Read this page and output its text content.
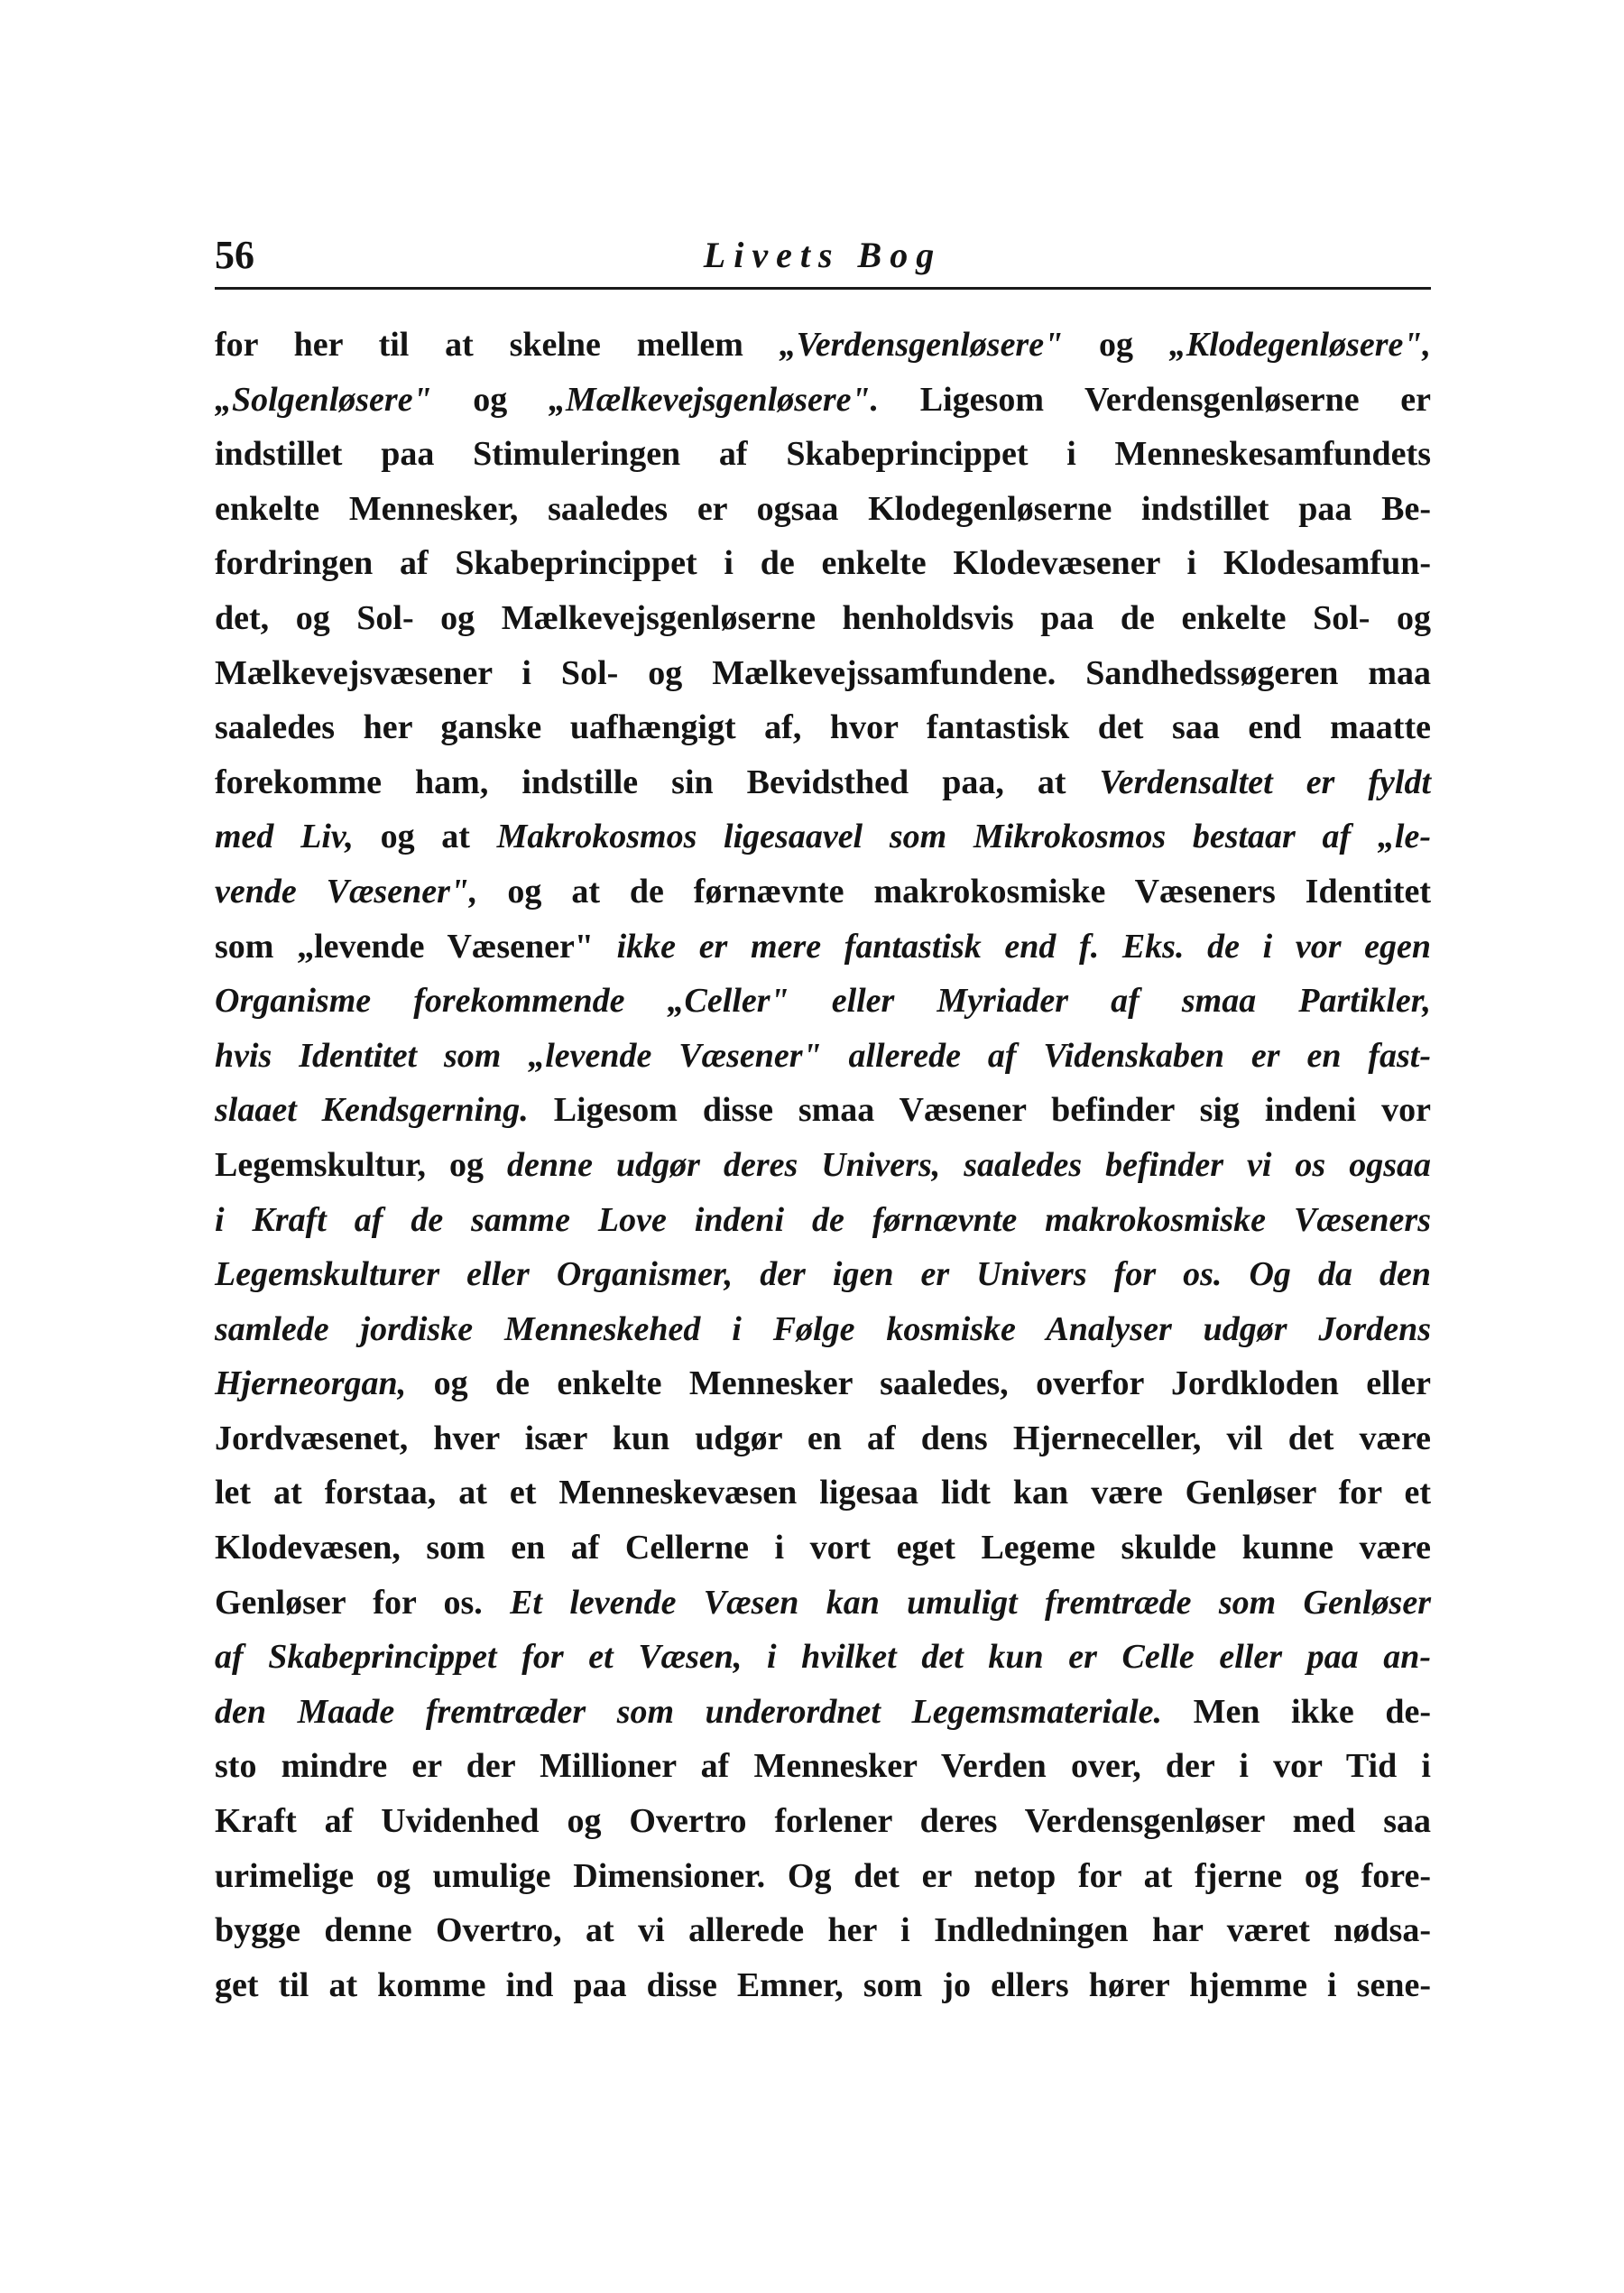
56	Livets Bog
for her til at skelne mellem „Verdensgenløsere" og „Klodegenløsere",
„Solgenløsere" og „Mælkevejsgenløsere". Ligesom Verdensgenløserne er
indstillet paa Stimuleringen af Skabeprincippet i Menneskesamfundets
enkelte Mennesker, saaledes er ogsaa Klodegenløserne indstillet paa Be-
fordringen af Skabeprincippet i de enkelte Klodevæsener i Klodesamfun-
det, og Sol- og Mælkevejsgenløserne henholdsvis paa de enkelte Sol- og
Mælkevejsvæsener i Sol- og Mælkevejssamfundene. Sandhedssøgeren maa
saaledes her ganske uafhængigt af, hvor fantastisk det saa end maatte
forekomme ham, indstille sin Bevidsthed paa, at Verdensaltet er fyldt
med Liv, og at Makrokosmos ligesaavel som Mikrokosmos bestaar af „le-
vende Væsener", og at de førnævnte makrokosmiske Væseners Identitet
som „levende Væsener" ikke er mere fantastisk end f. Eks. de i vor egen
Organisme forekommende „Celler" eller Myriader af smaa Partikler,
hvis Identitet som „levende Væsener" allerede af Videnskaben er en fast-
slaaet Kendsgerning. Ligesom disse smaa Væsener befinder sig indeni vor
Legemskultur, og denne udgør deres Univers, saaledes befinder vi os ogsaa
i Kraft af de samme Love indeni de førnævnte makrokosmiske Væseners
Legemskulturer eller Organismer, der igen er Univers for os. Og da den
samlede jordiske Menneskehed i Følge kosmiske Analyser udgør Jordens
Hjerneorgan, og de enkelte Mennesker saaledes, overfor Jordkloden eller
Jordvæsenet, hver især kun udgør en af dens Hjerneceller, vil det være
let at forstaa, at et Menneskevæsen ligesaa lidt kan være Genløser for et
Klodevæsen, som en af Cellerne i vort eget Legeme skulde kunne være
Genløser for os. Et levende Væsen kan umuligt fremtræde som Genløser
af Skabeprincippet for et Væsen, i hvilket det kun er Celle eller paa an-
den Maade fremtræder som underordnet Legemsmateriale. Men ikke de-
sto mindre er der Millioner af Mennesker Verden over, der i vor Tid i
Kraft af Uvidenhed og Overtro forlener deres Verdensgenløser med saa
urimelige og umulige Dimensioner. Og det er netop for at fjerne og fore-
bygge denne Overtro, at vi allerede her i Indledningen har været nødsa-
get til at komme ind paa disse Emner, som jo ellers hører hjemme i sene-
